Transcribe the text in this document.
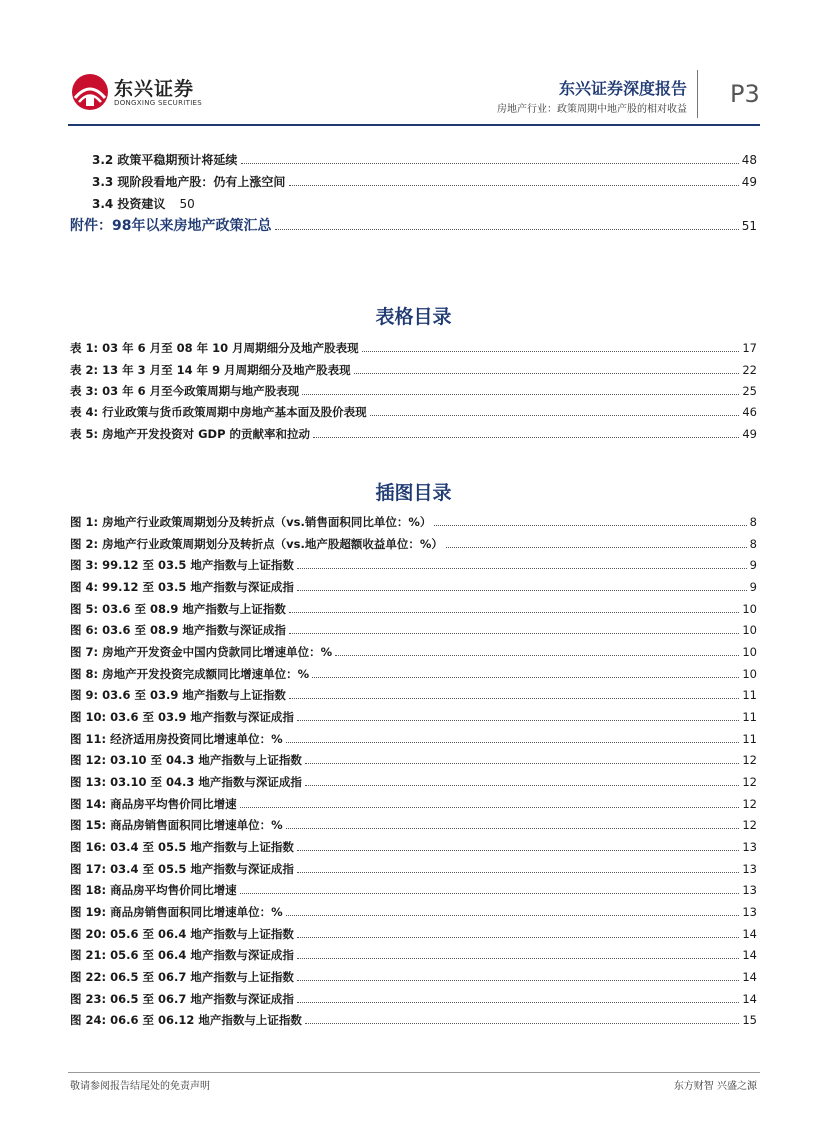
东兴证券
DONGXING SECURITIES
东兴证券深度报告
房地产行业：政策周期中地产股的相对收益
P3
3.2 政策平稳期预计将延续	48
3.3 现阶段看地产股：仍有上涨空间	49
3.4 投资建议 50
附件：98年以来房地产政策汇总	51
表格目录
表 1: 03 年 6 月至 08 年 10 月周期细分及地产股表现	17
表 2: 13 年 3 月至 14 年 9 月周期细分及地产股表现	22
表 3: 03 年 6 月至今政策周期与地产股表现	25
表 4: 行业政策与货币政策周期中房地产基本面及股价表现	46
表 5: 房地产开发投资对 GDP 的贡献率和拉动	49
插图目录
图 1: 房地产行业政策周期划分及转折点（vs.销售面积同比单位：%）	8
图 2: 房地产行业政策周期划分及转折点（vs.地产股超额收益单位：%）	8
图 3: 99.12 至 03.5 地产指数与上证指数	9
图 4: 99.12 至 03.5 地产指数与深证成指	9
图 5: 03.6 至 08.9 地产指数与上证指数	10
图 6: 03.6 至 08.9 地产指数与深证成指	10
图 7: 房地产开发资金中国内贷款同比增速单位：%	10
图 8: 房地产开发投资完成额同比增速单位：%	10
图 9: 03.6 至 03.9 地产指数与上证指数	11
图 10: 03.6 至 03.9 地产指数与深证成指	11
图 11: 经济适用房投资同比增速单位：%	11
图 12: 03.10 至 04.3 地产指数与上证指数	12
图 13: 03.10 至 04.3 地产指数与深证成指	12
图 14: 商品房平均售价同比增速	12
图 15: 商品房销售面积同比增速单位：%	12
图 16: 03.4 至 05.5 地产指数与上证指数	13
图 17: 03.4 至 05.5 地产指数与深证成指	13
图 18: 商品房平均售价同比增速	13
图 19: 商品房销售面积同比增速单位：%	13
图 20: 05.6 至 06.4 地产指数与上证指数	14
图 21: 05.6 至 06.4 地产指数与深证成指	14
图 22: 06.5 至 06.7 地产指数与上证指数	14
图 23: 06.5 至 06.7 地产指数与深证成指	14
图 24: 06.6 至 06.12 地产指数与上证指数	15
敬请参阅报告结尾处的免责声明	东方财智 兴盛之源
